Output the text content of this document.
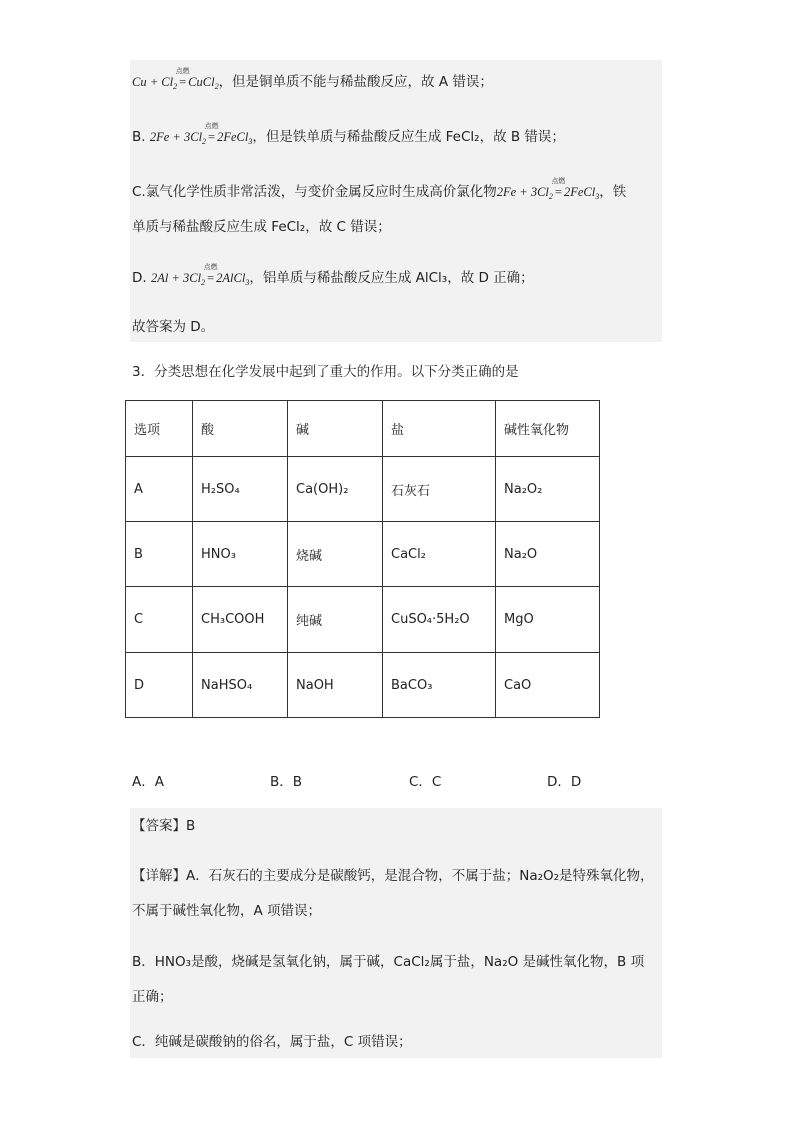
$Cu + Cl_2$
点燃
= CuCl$_2$，但是铜单质不能与稀盐酸反应，故 A 错误；
B. $2Fe + 3Cl_2$
点燃
= 2FeCl$_3$，但是铁单质与稀盐酸反应生成 FeCl₂，故 B 错误；
C.氯气化学性质非常活泼，与变价金属反应时生成高价氯化物$2Fe + 3Cl_2$
点燃
= 2FeCl$_3$，铁
单质与稀盐酸反应生成 FeCl₂，故 C 错误；
D. $2Al + 3Cl_2$
点燃
= 2AlCl$_3$，铝单质与稀盐酸反应生成 AlCl₃，故 D 正确；
故答案为 D。
3．分类思想在化学发展中起到了重大的作用。以下分类正确的是
选项	酸	碱	盐	碱性氧化物
A	H₂SO₄	Ca(OH)₂	石灰石	Na₂O₂
B	HNO₃	烧碱	CaCl₂	Na₂O
C	CH₃COOH	纯碱	CuSO₄·5H₂O	MgO
D	NaHSO₄	NaOH	BaCO₃	CaO
A．A	B．B	C．C	D．D
【答案】B
【详解】A．石灰石的主要成分是碳酸钙，是混合物，不属于盐；Na₂O₂是特殊氧化物，
不属于碱性氧化物，A 项错误；
B．HNO₃是酸，烧碱是氢氧化钠，属于碱，CaCl₂属于盐，Na₂O 是碱性氧化物，B 项
正确；
C．纯碱是碳酸钠的俗名，属于盐，C 项错误；
